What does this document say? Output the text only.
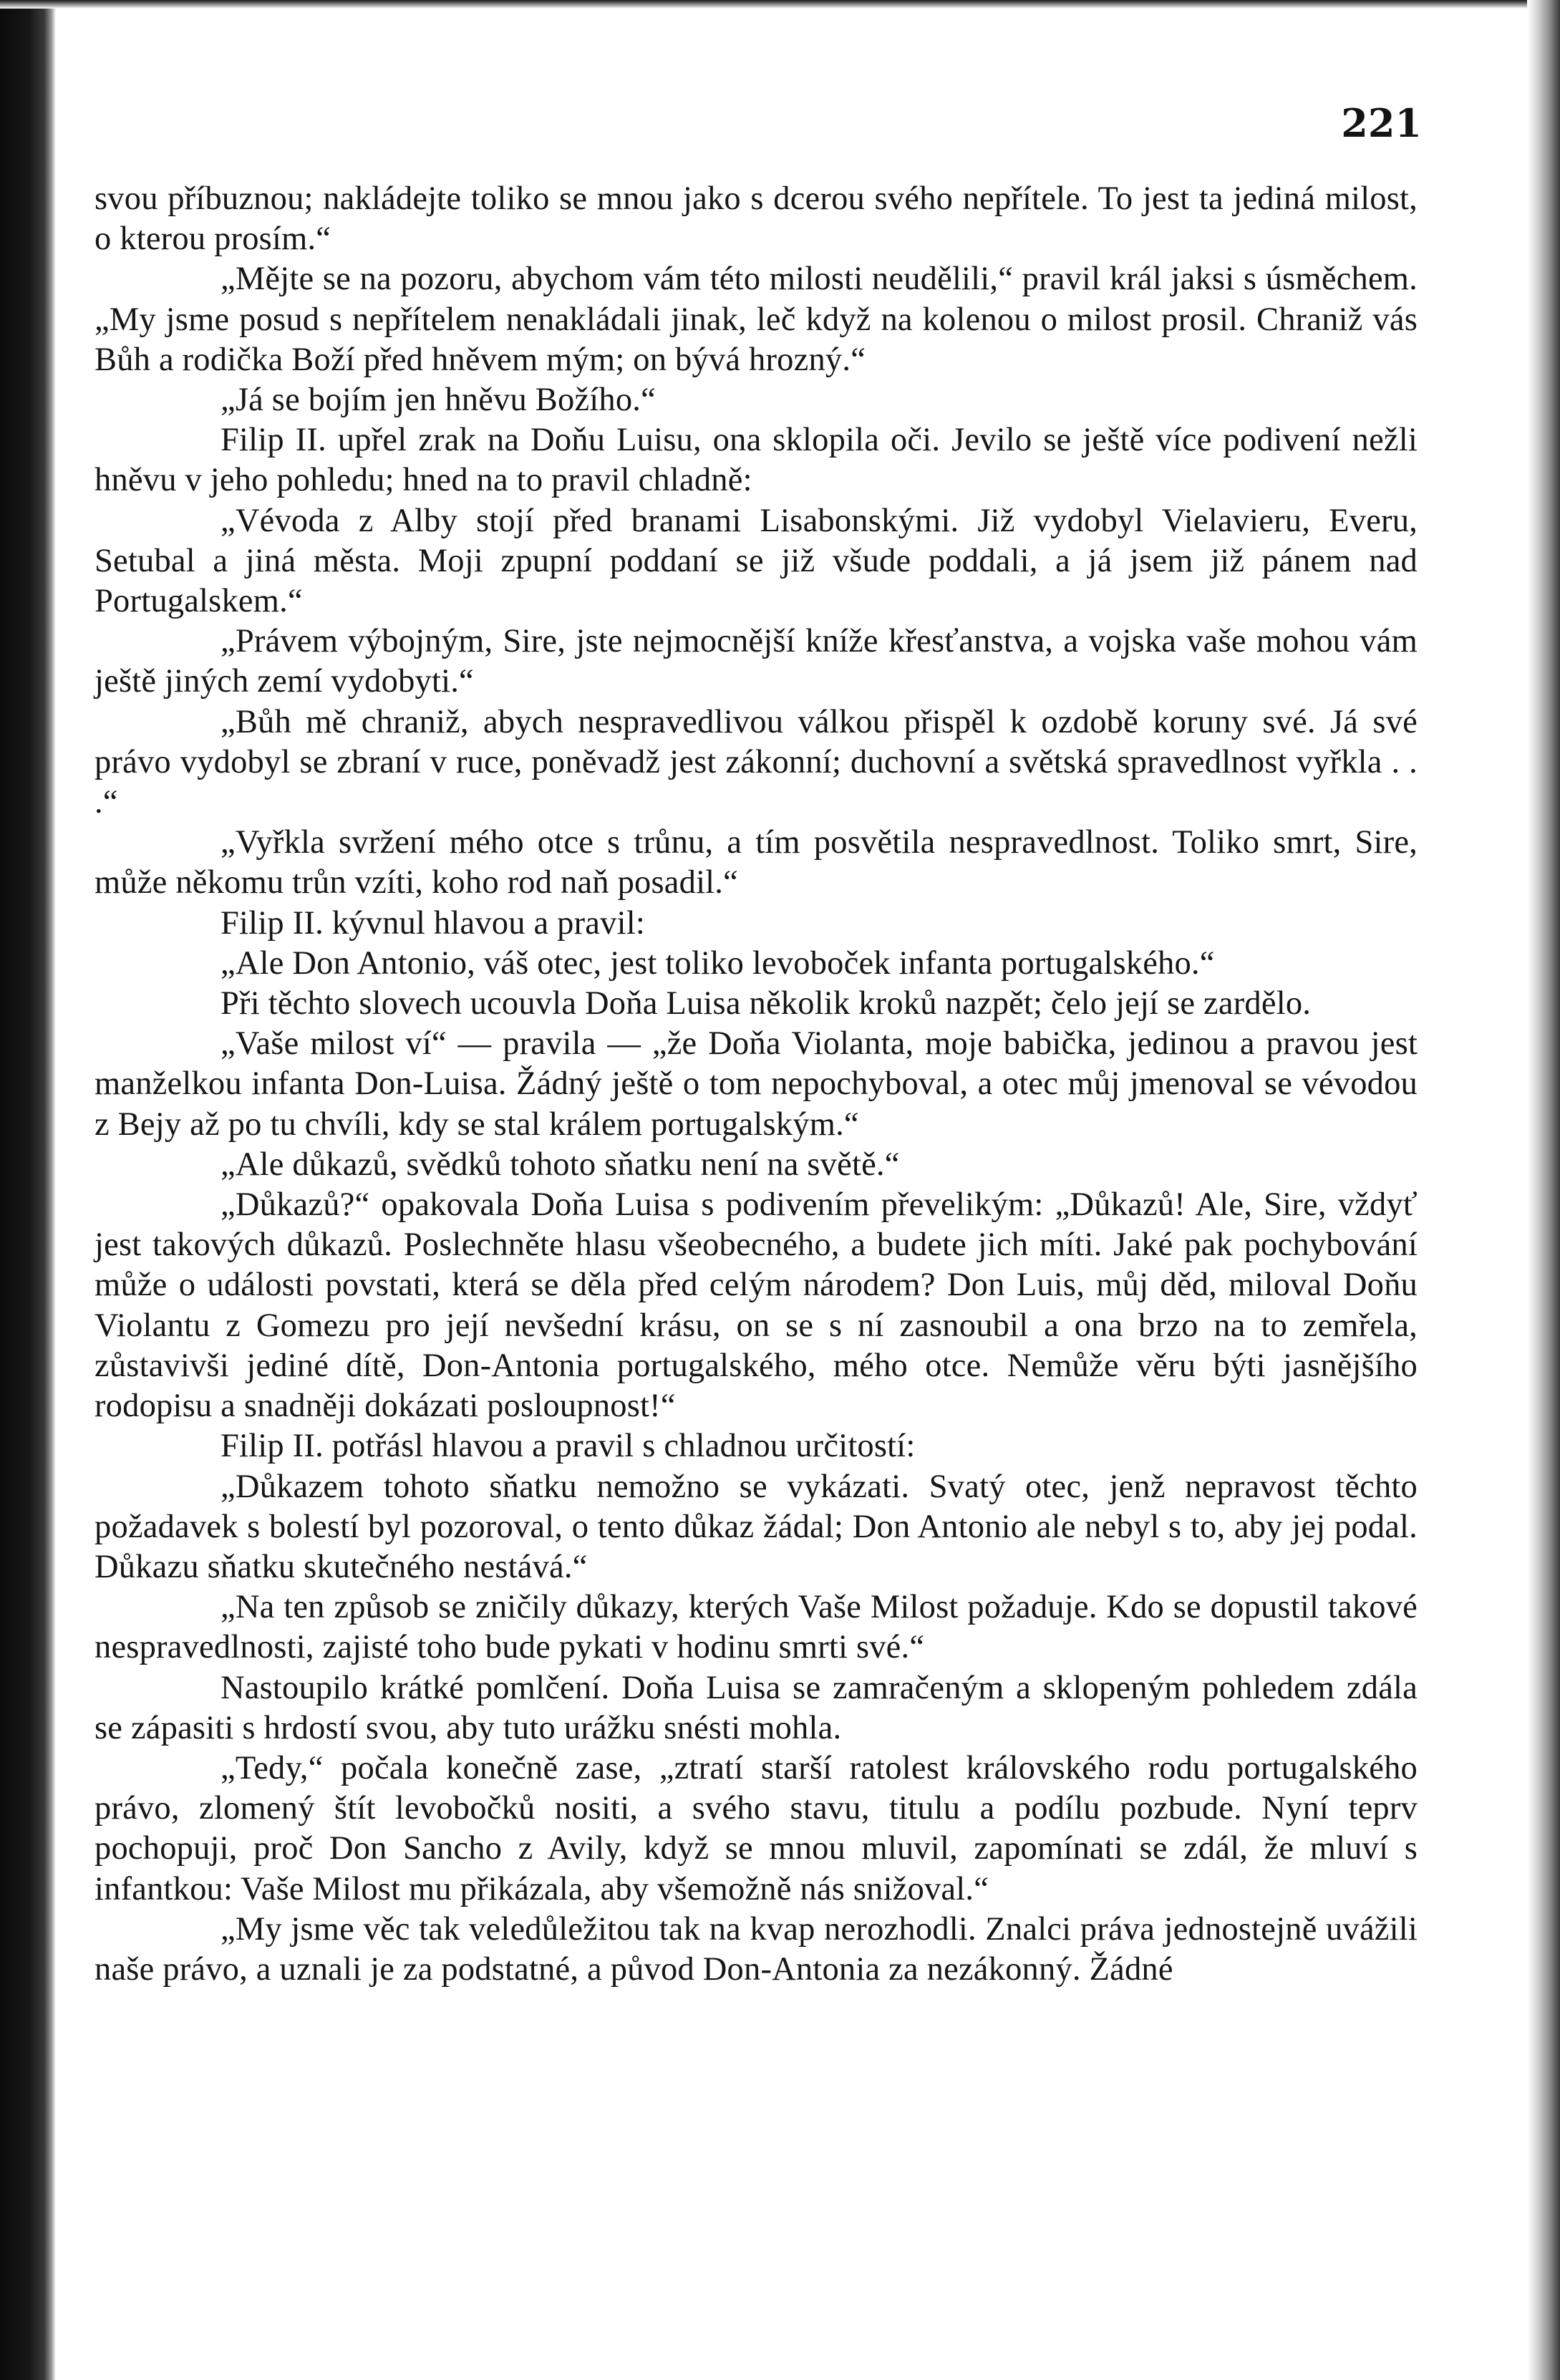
221

svou příbuznou; nakládejte toliko se mnou jako s dcerou svého nepřítele. To jest ta jediná milost, o kterou prosím.“

„Mějte se na pozoru, abychom vám této milosti neudělili,“ pravil král jaksi s úsměchem. „My jsme posud s nepřítelem nenakládali jinak, leč když na kolenou o milost prosil. Chraniž vás Bůh a rodička Boží před hněvem mým; on bývá hrozný.“

„Já se bojím jen hněvu Božího.“

Filip II. upřel zrak na Doňu Luisu, ona sklopila oči. Jevilo se ještě více podivení nežli hněvu v jeho pohledu; hned na to pravil chladně:

„Vévoda z Alby stojí před branami Lisabonskými. Již vydobyl Vielavieru, Everu, Setubal a jiná města. Moji zpupní poddaní se již všude poddali, a já jsem již pánem nad Portugalskem.“

„Právem výbojným, Sire, jste nejmocnější kníže křesťanstva, a vojska vaše mohou vám ještě jiných zemí vydobyti.“

„Bůh mě chraniž, abych nespravedlivou válkou přispěl k ozdobě koruny své. Já své právo vydobyl se zbraní v ruce, poněvadž jest zákonní; duchovní a světská spravedlnost vyřkla . . .“

„Vyřkla svržení mého otce s trůnu, a tím posvětila nespravedlnost. Toliko smrt, Sire, může někomu trůn vzíti, koho rod naň posadil.“

Filip II. kývnul hlavou a pravil:

„Ale Don Antonio, váš otec, jest toliko levoboček infanta portugalského.“

Při těchto slovech ucouvla Doňa Luisa několik kroků nazpět; čelo její se zardělo.

„Vaše milost ví“ — pravila — „že Doňa Violanta, moje babička, jedinou a pravou jest manželkou infanta Don-Luisa. Žádný ještě o tom nepochyboval, a otec můj jmenoval se vévodou z Bejy až po tu chvíli, kdy se stal králem portugalským.“

„Ale důkazů, svědků tohoto sňatku není na světě.“

„Důkazů?“ opakovala Doňa Luisa s podivením převelikým: „Důkazů! Ale, Sire, vždyť jest takových důkazů. Poslechněte hlasu všeobecného, a budete jich míti. Jaké pak pochybování může o události povstati, která se děla před celým národem? Don Luis, můj děd, miloval Doňu Violantu z Gomezu pro její nevšední krásu, on se s ní zasnoubil a ona brzo na to zemřela, zůstavivši jediné dítě, Don-Antonia portugalského, mého otce. Nemůže věru býti jasnějšího rodopisu a snadněji dokázati posloupnost!“

Filip II. potřásl hlavou a pravil s chladnou určitostí:

„Důkazem tohoto sňatku nemožno se vykázati. Svatý otec, jenž nepravost těchto požadavek s bolestí byl pozoroval, o tento důkaz žádal; Don Antonio ale nebyl s to, aby jej podal. Důkazu sňatku skutečného nestává.“

„Na ten způsob se zničily důkazy, kterých Vaše Milost požaduje. Kdo se dopustil takové nespravedlnosti, zajisté toho bude pykati v hodinu smrti své.“

Nastoupilo krátké pomlčení. Doňa Luisa se zamračeným a sklopeným pohledem zdála se zápasiti s hrdostí svou, aby tuto urážku snésti mohla.

„Tedy,“ počala konečně zase, „ztratí starší ratolest královského rodu portugalského právo, zlomený štít levobočků nositi, a svého stavu, titulu a podílu pozbude. Nyní teprv pochopuji, proč Don Sancho z Avily, když se mnou mluvil, zapomínati se zdál, že mluví s infantkou: Vaše Milost mu přikázala, aby všemožně nás snižoval.“

„My jsme věc tak veledůležitou tak na kvap nerozhodli. Znalci práva jednostejně uvážili naše právo, a uznali je za podstatné, a původ Don-Antonia za nezákonný. Žádné
